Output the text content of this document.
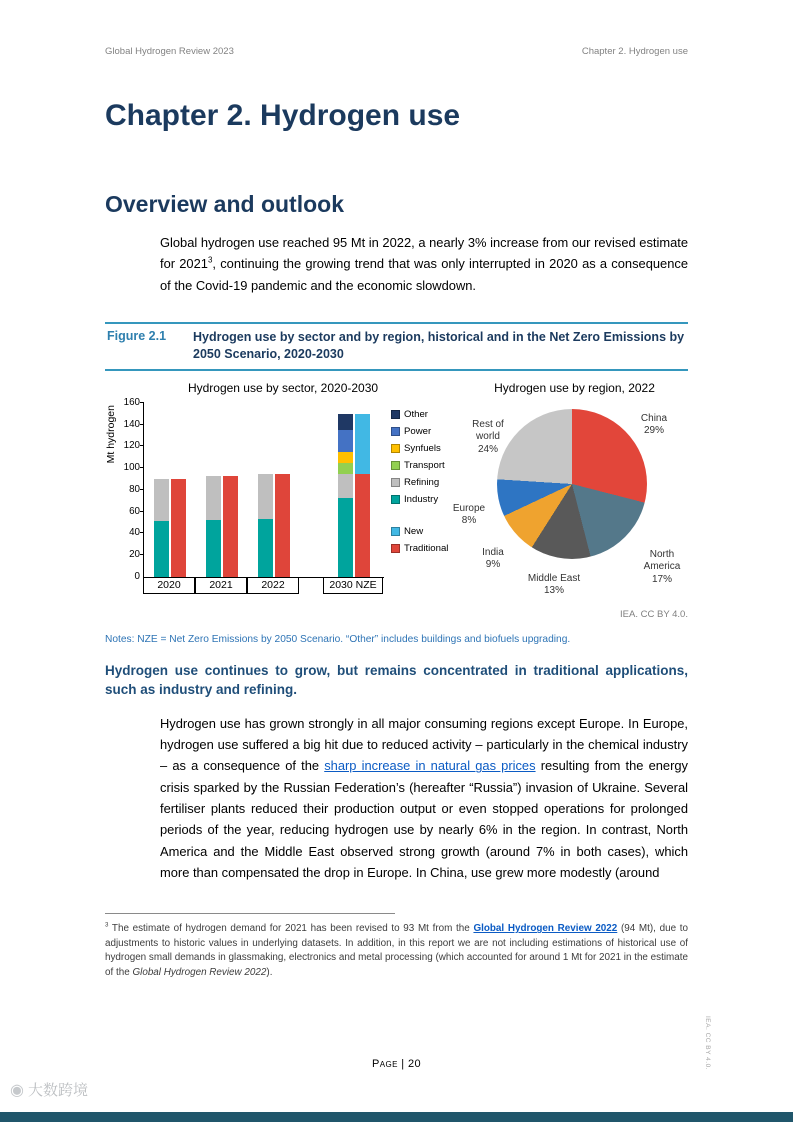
Global Hydrogen Review 2023	Chapter 2. Hydrogen use
Chapter 2. Hydrogen use
Overview and outlook

Global hydrogen use reached 95 Mt in 2022, a nearly 3% increase from our revised estimate for 2021$^3$, continuing the growing trend that was only interrupted in 2020 as a consequence of the Covid-19 pandemic and the economic slowdown.

Figure 2.1	Hydrogen use by sector and by region, historical and in the Net Zero Emissions by 2050 Scenario, 2020-2030
Hydrogen use by sector, 2020-2030
Mt hydrogen
0
20
40
60
80
100
120
140
160
2020	2021	2022	2030 NZE
Other
Power
Synfuels
Transport
Refining
Industry
New
Traditional
Hydrogen use by region, 2022
China
29%
North America
17%
Middle East
13%
India
9%
Europe
8%
Rest of world
24%
IEA. CC BY 4.0.
Notes: NZE = Net Zero Emissions by 2050 Scenario. “Other” includes buildings and biofuels upgrading.
Hydrogen use continues to grow, but remains concentrated in traditional applications, such as industry and refining.

Hydrogen use has grown strongly in all major consuming regions except Europe. In Europe, hydrogen use suffered a big hit due to reduced activity – particularly in the chemical industry – as a consequence of the sharp increase in natural gas prices resulting from the energy crisis sparked by the Russian Federation’s (hereafter “Russia”) invasion of Ukraine. Several fertiliser plants reduced their production output or even stopped operations for prolonged periods of the year, reducing hydrogen use by nearly 6% in the region. In contrast, North America and the Middle East observed strong growth (around 7% in both cases), which more than compensated the drop in Europe. In China, use grew more modestly (around

$^3$ The estimate of hydrogen demand for 2021 has been revised to 93 Mt from the Global Hydrogen Review 2022 (94 Mt), due to adjustments to historic values in underlying datasets. In addition, in this report we are not including estimations of historical use of hydrogen small demands in glassmaking, electronics and metal processing (which accounted for around 1 Mt for 2021 in the estimate of the Global Hydrogen Review 2022).

IEA. CC BY 4.0.
Page | 20
◉ 大数跨境
